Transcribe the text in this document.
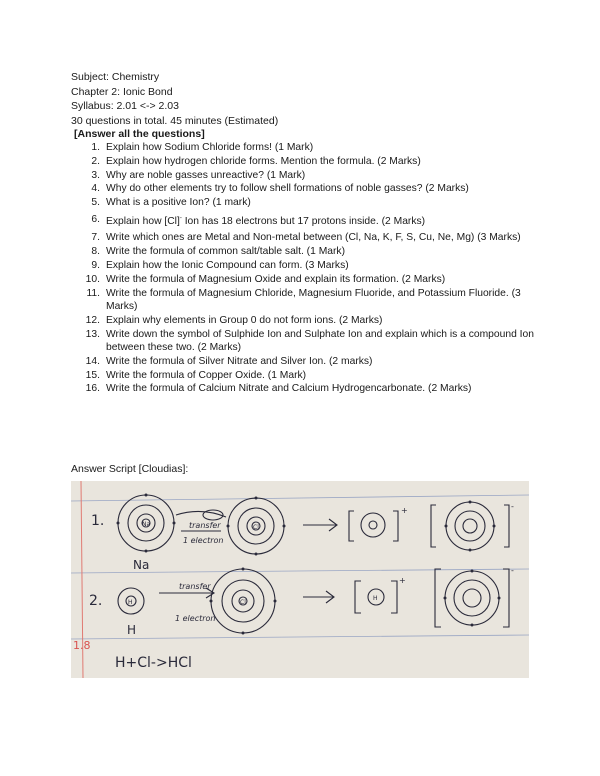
Subject: Chemistry
Chapter 2: Ionic Bond
Syllabus: 2.01 <-> 2.03
30 questions in total. 45 minutes (Estimated)
[Answer all the questions]
1. Explain how Sodium Chloride forms! (1 Mark)
2. Explain how hydrogen chloride forms. Mention the formula. (2 Marks)
3. Why are noble gasses unreactive? (1 Mark)
4. Why do other elements try to follow shell formations of noble gasses? (2 Marks)
5. What is a positive Ion? (1 mark)
6. Explain how [Cl]- Ion has 18 electrons but 17 protons inside. (2 Marks)
7. Write which ones are Metal and Non-metal between (Cl, Na, K, F, S, Cu, Ne, Mg) (3 Marks)
8. Write the formula of common salt/table salt. (1 Mark)
9. Explain how the Ionic Compound can form. (3 Marks)
10. Write the formula of Magnesium Oxide and explain its formation. (2 Marks)
11. Write the formula of Magnesium Chloride, Magnesium Fluoride, and Potassium Fluoride. (3 Marks)
12. Explain why elements in Group 0 do not form ions. (2 Marks)
13. Write down the symbol of Sulphide Ion and Sulphate Ion and explain which is a compound Ion between these two. (2 Marks)
14. Write the formula of Silver Nitrate and Silver Ion. (2 marks)
15. Write the formula of Copper Oxide. (1 Mark)
16. Write the formula of Calcium Nitrate and Calcium Hydrogencarbonate. (2 Marks)
Answer Script [Cloudias]:
1.	Na	Cl
Na
transfer
1 electron
+	-
2.	H	Cl
H
transfer
1 electron
H
+
-
H+Cl->HCl
1.8
